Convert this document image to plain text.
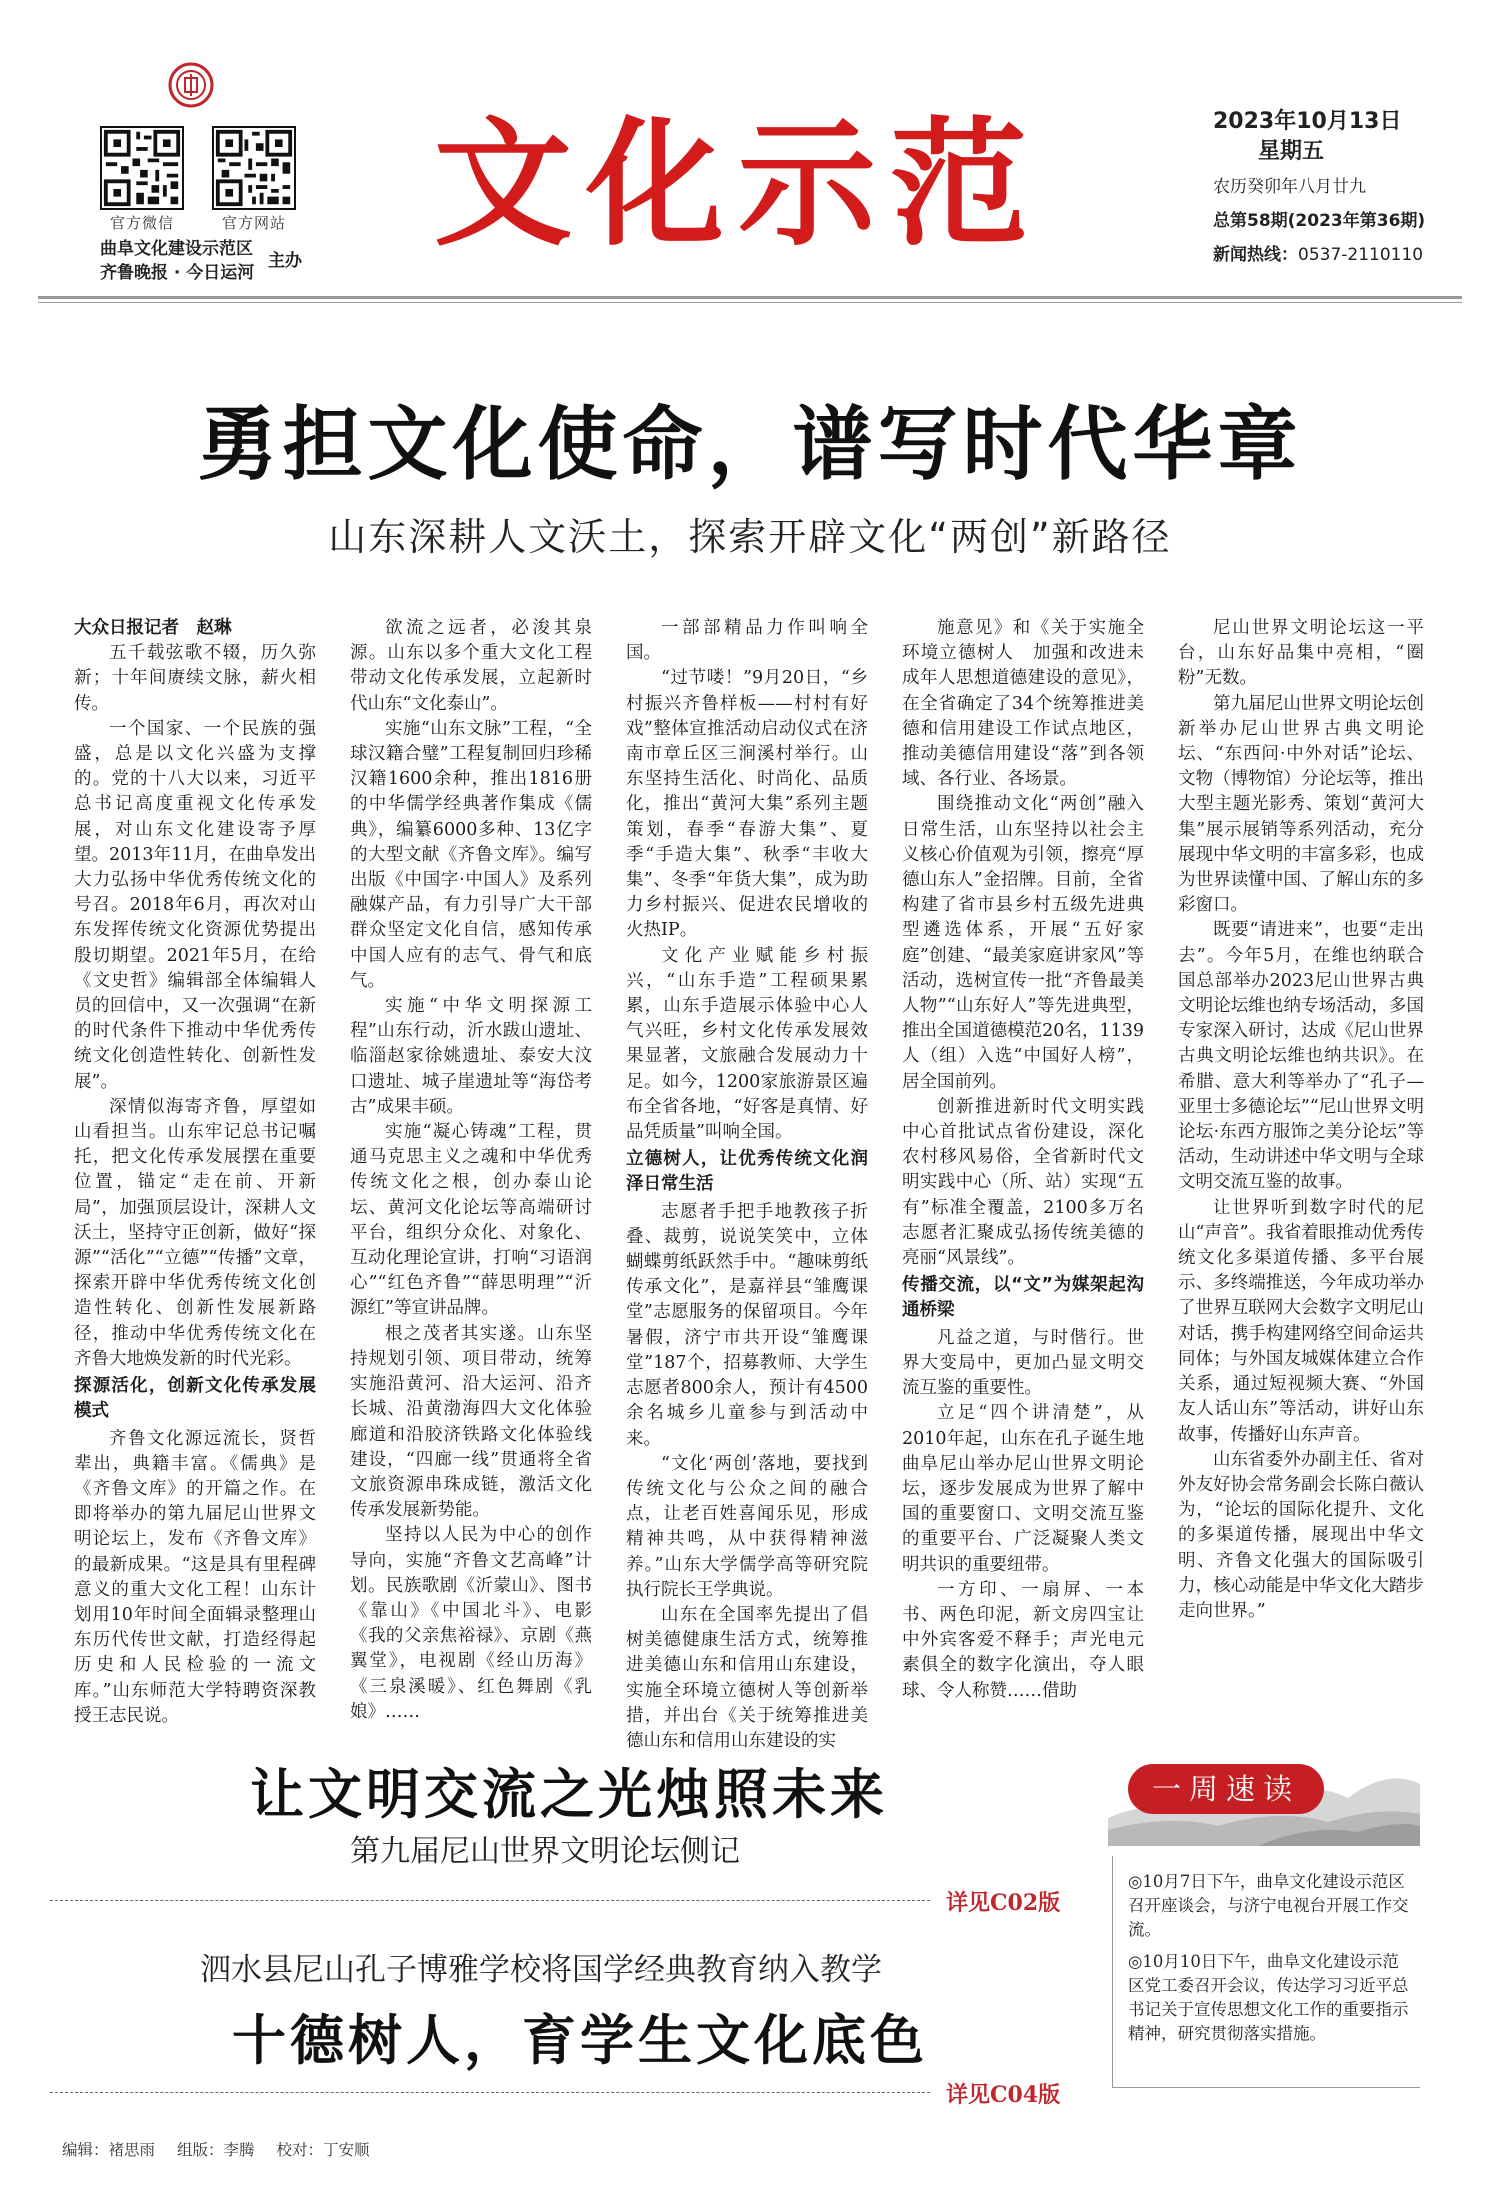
官方微信	官方网站
曲阜文化建设示范区
齐鲁晚报 · 今日运河
主办 文化示范	2023年10月13日
星期五
农历癸卯年八月廿九
总第58期(2023年第36期)
新闻热线：0537-2110110
勇担文化使命，谱写时代华章
山东深耕人文沃土，探索开辟文化“两创”新路径

大众日报记者　赵琳

五千载弦歌不辍，历久弥新；十年间赓续文脉，薪火相传。

一个国家、一个民族的强盛，总是以文化兴盛为支撑的。党的十八大以来，习近平总书记高度重视文化传承发展，对山东文化建设寄予厚望。2013年11月，在曲阜发出大力弘扬中华优秀传统文化的号召。2018年6月，再次对山东发挥传统文化资源优势提出殷切期望。2021年5月，在给《文史哲》编辑部全体编辑人员的回信中，又一次强调“在新的时代条件下推动中华优秀传统文化创造性转化、创新性发展”。

深情似海寄齐鲁，厚望如山看担当。山东牢记总书记嘱托，把文化传承发展摆在重要位置，锚定“走在前、开新局”，加强顶层设计，深耕人文沃土，坚持守正创新，做好“探源”“活化”“立德”“传播”文章，探索开辟中华优秀传统文化创造性转化、创新性发展新路径，推动中华优秀传统文化在齐鲁大地焕发新的时代光彩。

探源活化，创新文化传承发展模式

齐鲁文化源远流长，贤哲辈出，典籍丰富。《儒典》是《齐鲁文库》的开篇之作。在即将举办的第九届尼山世界文明论坛上，发布《齐鲁文库》的最新成果。“这是具有里程碑意义的重大文化工程！山东计划用10年时间全面辑录整理山东历代传世文献，打造经得起历史和人民检验的一流文库。”山东师范大学特聘资深教授王志民说。

欲流之远者，必浚其泉源。山东以多个重大文化工程带动文化传承发展，立起新时代山东“文化泰山”。

实施“山东文脉”工程，“全球汉籍合璧”工程复制回归珍稀汉籍1600余种，推出1816册的中华儒学经典著作集成《儒典》，编纂6000多种、13亿字的大型文献《齐鲁文库》。编写出版《中国字·中国人》及系列融媒产品，有力引导广大干部群众坚定文化自信，感知传承中国人应有的志气、骨气和底气。

实施“中华文明探源工程”山东行动，沂水跋山遗址、临淄赵家徐姚遗址、泰安大汶口遗址、城子崖遗址等“海岱考古”成果丰硕。

实施“凝心铸魂”工程，贯通马克思主义之魂和中华优秀传统文化之根，创办泰山论坛、黄河文化论坛等高端研讨平台，组织分众化、对象化、互动化理论宣讲，打响“习语润心”“红色齐鲁”“薛思明理”“沂源红”等宣讲品牌。

根之茂者其实遂。山东坚持规划引领、项目带动，统筹实施沿黄河、沿大运河、沿齐长城、沿黄渤海四大文化体验廊道和沿胶济铁路文化体验线建设，“四廊一线”贯通将全省文旅资源串珠成链，激活文化传承发展新势能。

坚持以人民为中心的创作导向，实施“齐鲁文艺高峰”计划。民族歌剧《沂蒙山》、图书《靠山》《中国北斗》、电影《我的父亲焦裕禄》、京剧《燕翼堂》，电视剧《经山历海》《三泉溪暖》、红色舞剧《乳娘》……

一部部精品力作叫响全国。

“过节喽！”9月20日，“乡村振兴齐鲁样板——村村有好戏”整体宣推活动启动仪式在济南市章丘区三涧溪村举行。山东坚持生活化、时尚化、品质化，推出“黄河大集”系列主题策划，春季“春游大集”、夏季“手造大集”、秋季“丰收大集”、冬季“年货大集”，成为助力乡村振兴、促进农民增收的火热IP。

文化产业赋能乡村振兴，“山东手造”工程硕果累累，山东手造展示体验中心人气兴旺，乡村文化传承发展效果显著，文旅融合发展动力十足。如今，1200家旅游景区遍布全省各地，“好客是真情、好品凭质量”叫响全国。

立德树人，让优秀传统文化润泽日常生活

志愿者手把手地教孩子折叠、裁剪，说说笑笑中，立体蝴蝶剪纸跃然手中。“趣味剪纸　传承文化”，是嘉祥县“雏鹰课堂”志愿服务的保留项目。今年暑假，济宁市共开设“雏鹰课堂”187个，招募教师、大学生志愿者800余人，预计有4500余名城乡儿童参与到活动中来。

“文化‘两创’落地，要找到传统文化与公众之间的融合点，让老百姓喜闻乐见，形成精神共鸣，从中获得精神滋养。”山东大学儒学高等研究院执行院长王学典说。

山东在全国率先提出了倡树美德健康生活方式，统筹推进美德山东和信用山东建设，实施全环境立德树人等创新举措，并出台《关于统筹推进美德山东和信用山东建设的实

施意见》和《关于实施全环境立德树人　加强和改进未成年人思想道德建设的意见》，在全省确定了34个统筹推进美德和信用建设工作试点地区，推动美德信用建设“落”到各领域、各行业、各场景。

围绕推动文化“两创”融入日常生活，山东坚持以社会主义核心价值观为引领，擦亮“厚德山东人”金招牌。目前，全省构建了省市县乡村五级先进典型遴选体系，开展“五好家庭”创建、“最美家庭讲家风”等活动，选树宣传一批“齐鲁最美人物”“山东好人”等先进典型，推出全国道德模范20名，1139人（组）入选“中国好人榜”，居全国前列。

创新推进新时代文明实践中心首批试点省份建设，深化农村移风易俗，全省新时代文明实践中心（所、站）实现“五有”标准全覆盖，2100多万名志愿者汇聚成弘扬传统美德的亮丽“风景线”。

传播交流，以“文”为媒架起沟通桥梁

凡益之道，与时偕行。世界大变局中，更加凸显文明交流互鉴的重要性。

立足“四个讲清楚”，从2010年起，山东在孔子诞生地曲阜尼山举办尼山世界文明论坛，逐步发展成为世界了解中国的重要窗口、文明交流互鉴的重要平台、广泛凝聚人类文明共识的重要纽带。

一方印、一扇屏、一本书、两色印泥，新文房四宝让中外宾客爱不释手；声光电元素俱全的数字化演出，夺人眼球、令人称赞……借助

尼山世界文明论坛这一平台，山东好品集中亮相，“圈粉”无数。

第九届尼山世界文明论坛创新举办尼山世界古典文明论坛、“东西问·中外对话”论坛、文物（博物馆）分论坛等，推出大型主题光影秀、策划“黄河大集”展示展销等系列活动，充分展现中华文明的丰富多彩，也成为世界读懂中国、了解山东的多彩窗口。

既要“请进来”，也要“走出去”。今年5月，在维也纳联合国总部举办2023尼山世界古典文明论坛维也纳专场活动，多国专家深入研讨，达成《尼山世界古典文明论坛维也纳共识》。在希腊、意大利等举办了“孔子—亚里士多德论坛”“尼山世界文明论坛·东西方服饰之美分论坛”等活动，生动讲述中华文明与全球文明交流互鉴的故事。

让世界听到数字时代的尼山“声音”。我省着眼推动优秀传统文化多渠道传播、多平台展示、多终端推送，今年成功举办了世界互联网大会数字文明尼山对话，携手构建网络空间命运共同体；与外国友城媒体建立合作关系，通过短视频大赛、“外国友人话山东”等活动，讲好山东故事，传播好山东声音。

山东省委外办副主任、省对外友好协会常务副会长陈白薇认为，“论坛的国际化提升、文化的多渠道传播，展现出中华文明、齐鲁文化强大的国际吸引力，核心动能是中华文化大踏步走向世界。”

让文明交流之光烛照未来
第九届尼山世界文明论坛侧记
详见C02版
泗水县尼山孔子博雅学校将国学经典教育纳入教学
十德树人，育学生文化底色
详见C04版
一周速读

◎10月7日下午，曲阜文化建设示范区召开座谈会，与济宁电视台开展工作交流。

◎10月10日下午，曲阜文化建设示范区党工委召开会议，传达学习习近平总书记关于宣传思想文化工作的重要指示精神，研究贯彻落实措施。

编辑：褚思雨 组版：李腾 校对：丁安顺
